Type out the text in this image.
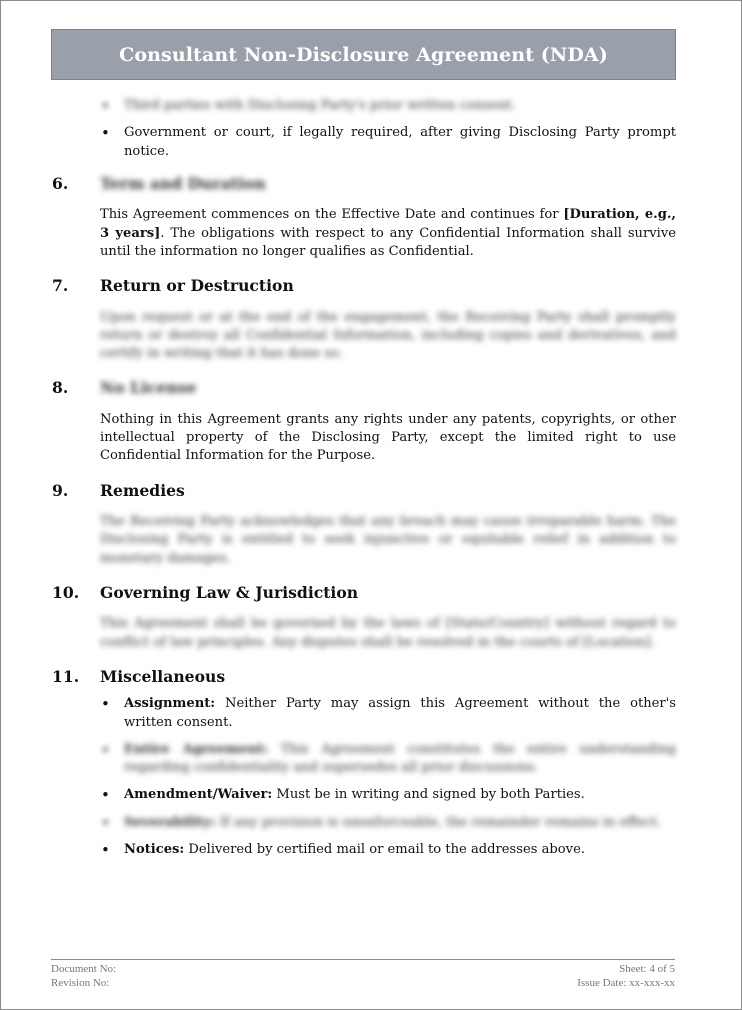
Consultant Non-Disclosure Agreement (NDA)
• Third parties with Disclosing Party's prior written consent.
• Government or court, if legally required, after giving Disclosing Party prompt notice.
6.	Term and Duration

This Agreement commences on the Effective Date and continues for [Duration, e.g., 3 years]. The obligations with respect to any Confidential Information shall survive until the information no longer qualifies as Confidential.

7.	Return or Destruction

Upon request or at the end of the engagement, the Receiving Party shall promptly return or destroy all Confidential Information, including copies and derivatives, and certify in writing that it has done so.

8.	No License

Nothing in this Agreement grants any rights under any patents, copyrights, or other intellectual property of the Disclosing Party, except the limited right to use Confidential Information for the Purpose.

9.	Remedies

The Receiving Party acknowledges that any breach may cause irreparable harm. The Disclosing Party is entitled to seek injunctive or equitable relief in addition to monetary damages.

10.	Governing Law & Jurisdiction

This Agreement shall be governed by the laws of [State/Country] without regard to conflict of law principles. Any disputes shall be resolved in the courts of [Location].

11.	Miscellaneous
• Assignment: Neither Party may assign this Agreement without the other's written consent.
• Entire Agreement: This Agreement constitutes the entire understanding regarding confidentiality and supersedes all prior discussions.
• Amendment/Waiver: Must be in writing and signed by both Parties.
• Severability: If any provision is unenforceable, the remainder remains in effect.
• Notices: Delivered by certified mail or email to the addresses above.
Document No:	Sheet: 4 of 5
Revision No:	Issue Date: xx-xxx-xx
